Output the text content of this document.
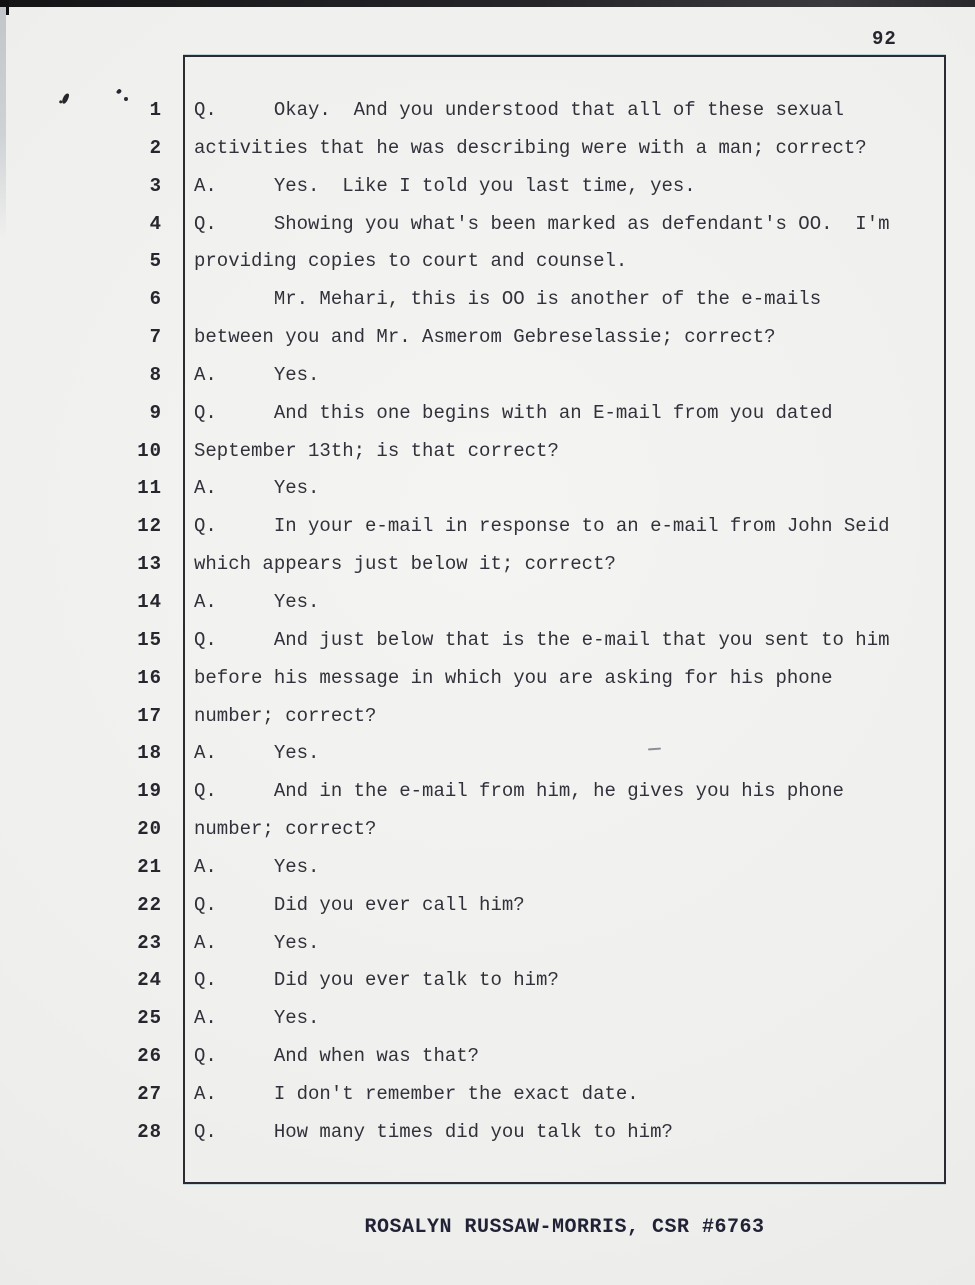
92
1 Q.     Okay.  And you understood that all of these sexual
2 activities that he was describing were with a man; correct?
3 A.     Yes.  Like I told you last time, yes.
4 Q.     Showing you what's been marked as defendant's OO.  I'm
5 providing copies to court and counsel.
6 Mr. Mehari, this is OO is another of the e-mails
7 between you and Mr. Asmerom Gebreselassie; correct?
8 A.     Yes.
9 Q.     And this one begins with an E-mail from you dated
10 September 13th; is that correct?
11 A.     Yes.
12 Q.     In your e-mail in response to an e-mail from John Seid
13 which appears just below it; correct?
14 A.     Yes.
15 Q.     And just below that is the e-mail that you sent to him
16 before his message in which you are asking for his phone
17 number; correct?
18 A.     Yes.
19 Q.     And in the e-mail from him, he gives you his phone
20 number; correct?
21 A.     Yes.
22 Q.     Did you ever call him?
23 A.     Yes.
24 Q.     Did you ever talk to him?
25 A.     Yes.
26 Q.     And when was that?
27 A.     I don't remember the exact date.
28 Q.     How many times did you talk to him?
ROSALYN RUSSAW-MORRIS, CSR #6763
